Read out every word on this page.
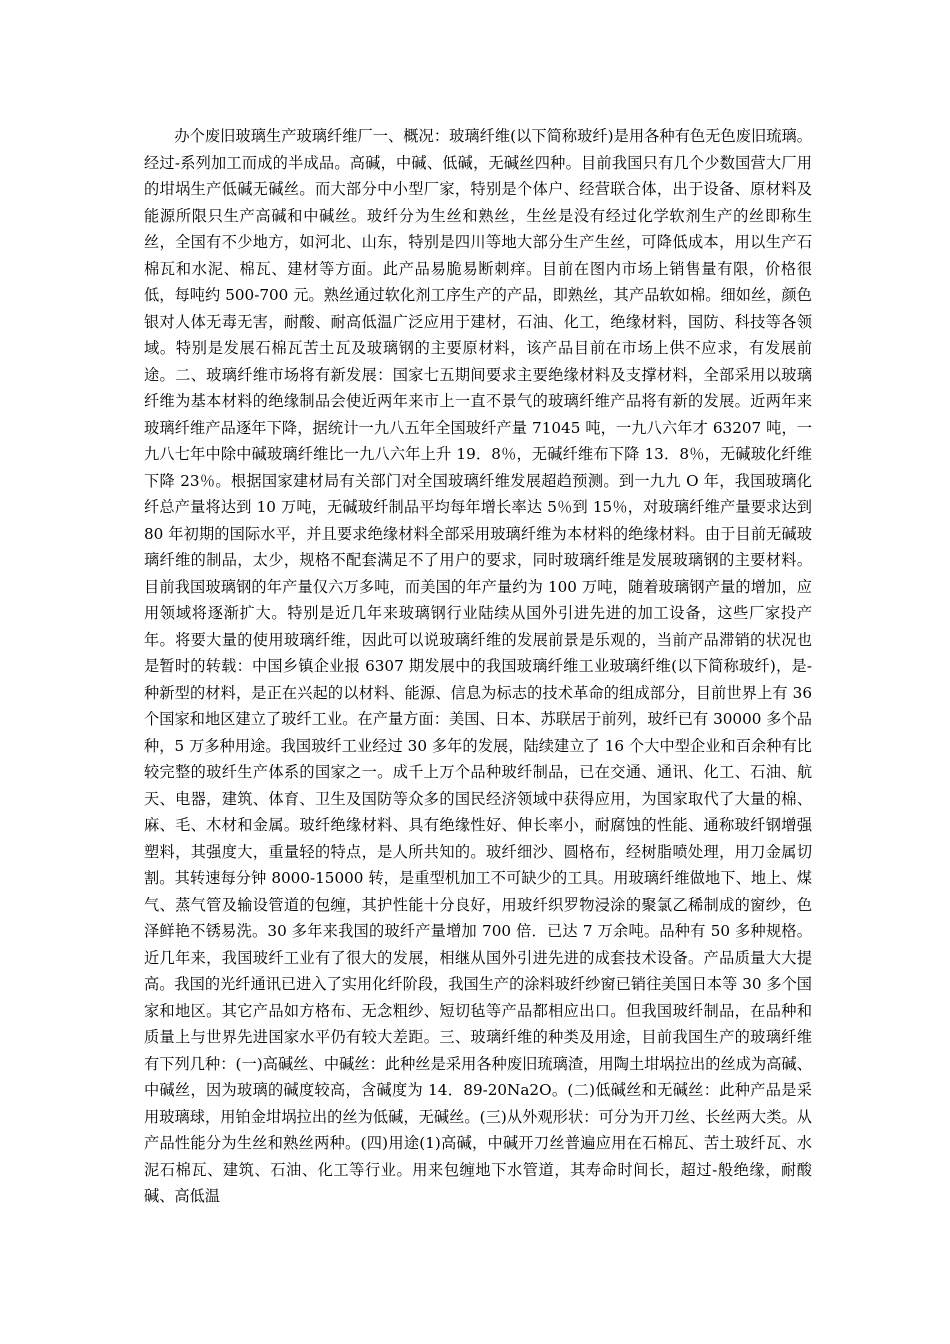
办个废旧玻璃生产玻璃纤维厂一、概况：玻璃纤维(以下简称玻纤)是用各种有色无色废旧琉璃。经过-系列加工而成的半成品。高碱，中碱、低碱，无碱丝四种。目前我国只有几个少数国营大厂用的坩埚生产低碱无碱丝。而大部分中小型厂家，特别是个体户、经营联合体，出于设备、原材料及能源所限只生产高碱和中碱丝。玻纤分为生丝和熟丝，生丝是没有经过化学软剂生产的丝即称生丝，全国有不少地方，如河北、山东，特别是四川等地大部分生产生丝，可降低成本，用以生产石棉瓦和水泥、棉瓦、建材等方面。此产品易脆易断刺痒。目前在图内市场上销售量有限，价格很低，每吨约 500-700 元。熟丝通过软化剂工序生产的产品，即熟丝，其产品软如棉。细如丝，颜色银对人体无毒无害，耐酸、耐高低温广泛应用于建材，石油、化工，绝缘材料，国防、科技等各领域。特别是发展石棉瓦苦土瓦及玻璃钢的主要原材料，该产品目前在市场上供不应求，有发展前途。二、玻璃纤维市场将有新发展：国家七五期间要求主要绝缘材料及支撑材料，全部采用以玻璃纤维为基本材料的绝缘制品会使近两年来市上一直不景气的玻璃纤维产品将有新的发展。近两年来玻璃纤维产品逐年下降，据统计一九八五年全国玻纤产量 71045 吨，一九八六年才 63207 吨，一九八七年中除中碱玻璃纤维比一九八六年上升 19．8％，无碱纤维布下降 13．8％，无碱玻化纤维下降 23％。根据国家建材局有关部门对全国玻璃纤维发展超趋预测。到一九九 O 年，我国玻璃化纤总产量将达到 10 万吨，无碱玻纤制品平均每年增长率达 5％到 15％，对玻璃纤维产量要求达到 80 年初期的国际水平，并且要求绝缘材料全部采用玻璃纤维为本材料的绝缘材料。由于目前无碱玻璃纤维的制品，太少，规格不配套满足不了用户的要求，同时玻璃纤维是发展玻璃钢的主要材料。目前我国玻璃钢的年产量仅六万多吨，而美国的年产量约为 100 万吨，随着玻璃钢产量的增加，应用领域将逐渐扩大。特别是近几年来玻璃钢行业陆续从国外引进先进的加工设备，这些厂家投产年。将要大量的使用玻璃纤维，因此可以说玻璃纤维的发展前景是乐观的，当前产品滞销的状况也是暂时的转载：中国乡镇企业报 6307 期发展中的我国玻璃纤维工业玻璃纤维(以下简称玻纤)，是-种新型的材料，是正在兴起的以材料、能源、信息为标志的技术革命的组成部分，目前世界上有 36 个国家和地区建立了玻纤工业。在产量方面：美国、日本、苏联居于前列，玻纤已有 30000 多个品种，5 万多种用途。我国玻纤工业经过 30 多年的发展，陆续建立了 16 个大中型企业和百余种有比较完整的玻纤生产体系的国家之一。成千上万个品种玻纤制品，已在交通、通讯、化工、石油、航天、电器，建筑、体育、卫生及国防等众多的国民经济领域中获得应用，为国家取代了大量的棉、麻、毛、木材和金属。玻纤绝缘材料、具有绝缘性好、伸长率小，耐腐蚀的性能、通称玻纤钢增强塑料，其强度大，重量轻的特点，是人所共知的。玻纤细沙、圆格布，经树脂喷处理，用刀金属切割。其转速每分钟 8000-15000 转，是重型机加工不可缺少的工具。用玻璃纤维做地下、地上、煤气、蒸气管及输设管道的包缠，其护性能十分良好，用玻纤织罗物浸涂的聚氯乙稀制成的窗纱，色泽鲜艳不锈易洗。30 多年来我国的玻纤产量增加 700 倍．已达 7 万余吨。品种有 50 多种规格。近几年来，我国玻纤工业有了很大的发展，相继从国外引进先进的成套技术设备。产品质量大大提高。我国的光纤通讯已进入了实用化纤阶段，我国生产的涂料玻纤纱窗已销往美国日本等 30 多个国家和地区。其它产品如方格布、无念粗纱、短切毡等产品都相应出口。但我国玻纤制品，在品种和质量上与世界先进国家水平仍有较大差距。三、玻璃纤维的种类及用途，目前我国生产的玻璃纤维有下列几种：(一)高碱丝、中碱丝：此种丝是采用各种废旧琉璃渣，用陶土坩埚拉出的丝成为高碱、中碱丝，因为玻璃的碱度较高，含碱度为 14．89-20Na2O。(二)低碱丝和无碱丝：此种产品是采用玻璃球，用铂金坩埚拉出的丝为低碱，无碱丝。(三)从外观形状：可分为开刀丝、长丝两大类。从产品性能分为生丝和熟丝两种。(四)用途(1)高碱，中碱开刀丝普遍应用在石棉瓦、苦土玻纤瓦、水泥石棉瓦、建筑、石油、化工等行业。用来包缠地下水管道，其寿命时间长，超过-般绝缘，耐酸碱、高低温
